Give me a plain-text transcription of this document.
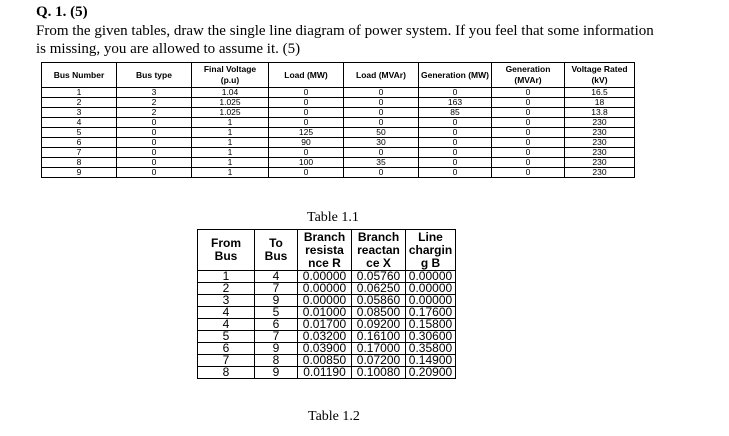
Q. 1. (5)
From the given tables, draw the single line diagram of power system. If you feel that some information is missing, you are allowed to assume it. (5)
Bus Number	Bus type	Final Voltage (p.u)	Load (MW)	Load (MVAr)	Generation (MW)	Generation (MVAr)	Voltage Rated (kV)
1	3	1.04	0	0	0	0	16.5
2	2	1.025	0	0	163	0	18
3	2	1.025	0	0	85	0	13.8
4	0	1	0	0	0	0	230
5	0	1	125	50	0	0	230
6	0	1	90	30	0	0	230
7	0	1	0	0	0	0	230
8	0	1	100	35	0	0	230
9	0	1	0	0	0	0	230
Table 1.1
From Bus	To Bus	Branch resista nce R	Branch reactan ce X	Line chargin g B
1	4	0.00000	0.05760	0.00000
2	7	0.00000	0.06250	0.00000
3	9	0.00000	0.05860	0.00000
4	5	0.01000	0.08500	0.17600
4	6	0.01700	0.09200	0.15800
5	7	0.03200	0.16100	0.30600
6	9	0.03900	0.17000	0.35800
7	8	0.00850	0.07200	0.14900
8	9	0.01190	0.10080	0.20900
Table 1.2
